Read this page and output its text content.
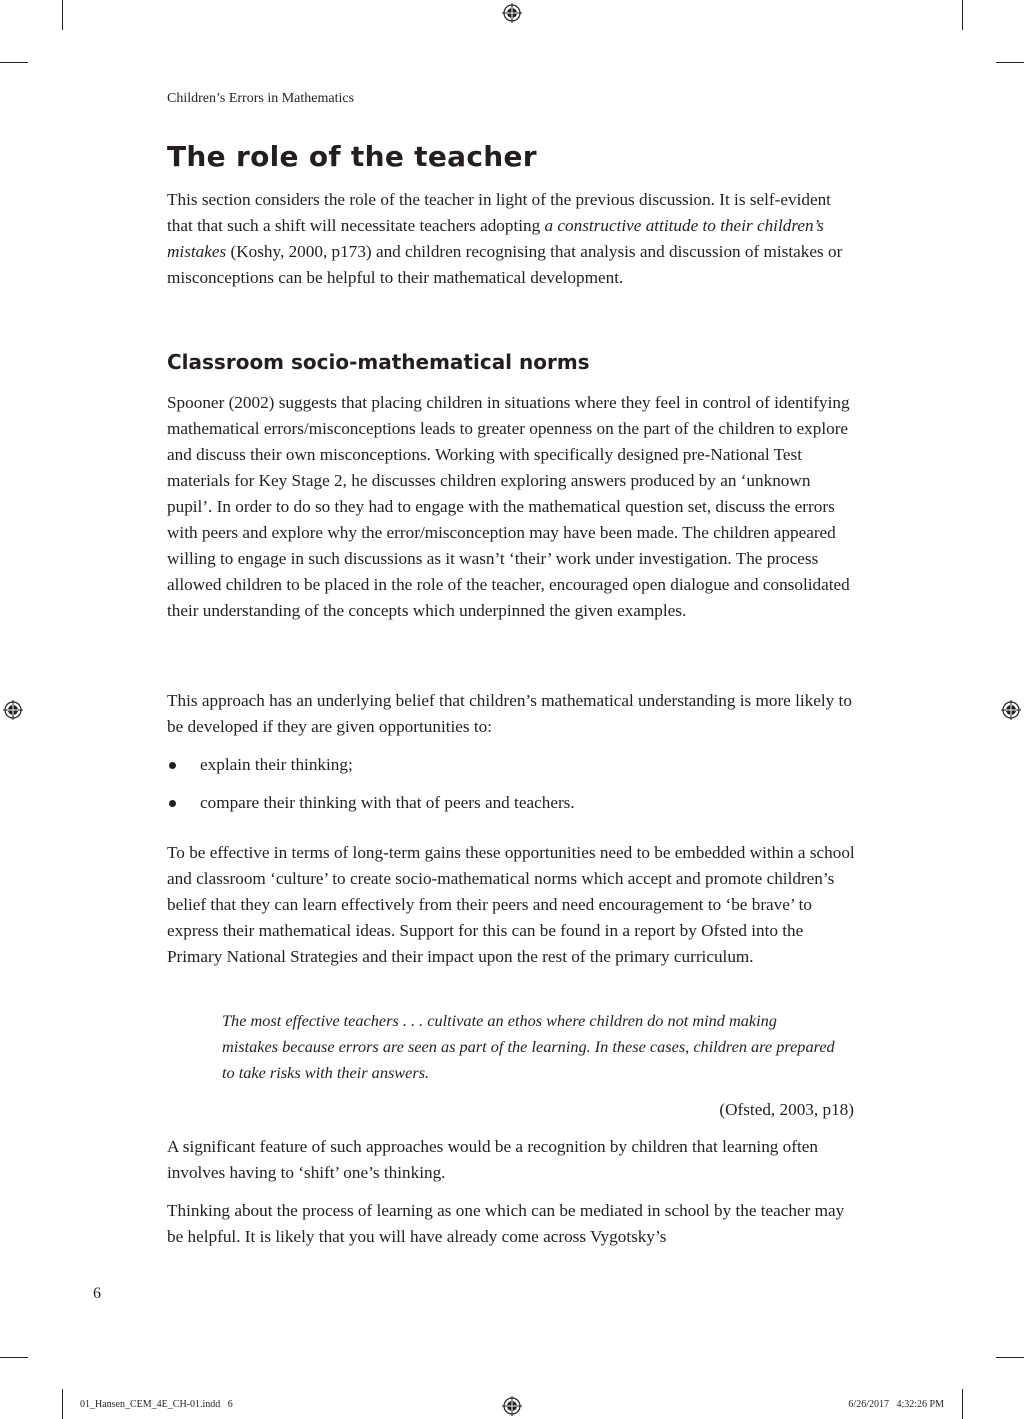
Children’s Errors in Mathematics
The role of the teacher

This section considers the role of the teacher in light of the previous discussion. It is self-evident that that such a shift will necessitate teachers adopting a constructive attitude to their children’s mistakes (Koshy, 2000, p173) and children recognising that analysis and discussion of mistakes or misconceptions can be helpful to their mathematical development.

Classroom socio-mathematical norms

Spooner (2002) suggests that placing children in situations where they feel in control of identifying mathematical errors/misconceptions leads to greater openness on the part of the children to explore and discuss their own misconceptions. Working with specifically designed pre-National Test materials for Key Stage 2, he discusses children exploring answers produced by an ‘unknown pupil’. In order to do so they had to engage with the mathematical question set, discuss the errors with peers and explore why the error/misconception may have been made. The children appeared willing to engage in such discussions as it wasn’t ‘their’ work under investigation. The process allowed children to be placed in the role of the teacher, encouraged open dialogue and consolidated their understanding of the concepts which underpinned the given examples.

This approach has an underlying belief that children’s mathematical understanding is more likely to be developed if they are given opportunities to:

explain their thinking;
compare their thinking with that of peers and teachers.

To be effective in terms of long-term gains these opportunities need to be embedded within a school and classroom ‘culture’ to create socio-mathematical norms which accept and promote children’s belief that they can learn effectively from their peers and need encouragement to ‘be brave’ to express their mathematical ideas. Support for this can be found in a report by Ofsted into the Primary National Strategies and their impact upon the rest of the primary curriculum.

The most effective teachers . . . cultivate an ethos where children do not mind making mistakes because errors are seen as part of the learning. In these cases, children are prepared to take risks with their answers.

(Ofsted, 2003, p18)

A significant feature of such approaches would be a recognition by children that learning often involves having to ‘shift’ one’s thinking.

Thinking about the process of learning as one which can be mediated in school by the teacher may be helpful. It is likely that you will have already come across Vygotsky’s

6
01_Hansen_CEM_4E_CH-01.indd   6	6/26/2017   4:32:26 PM
